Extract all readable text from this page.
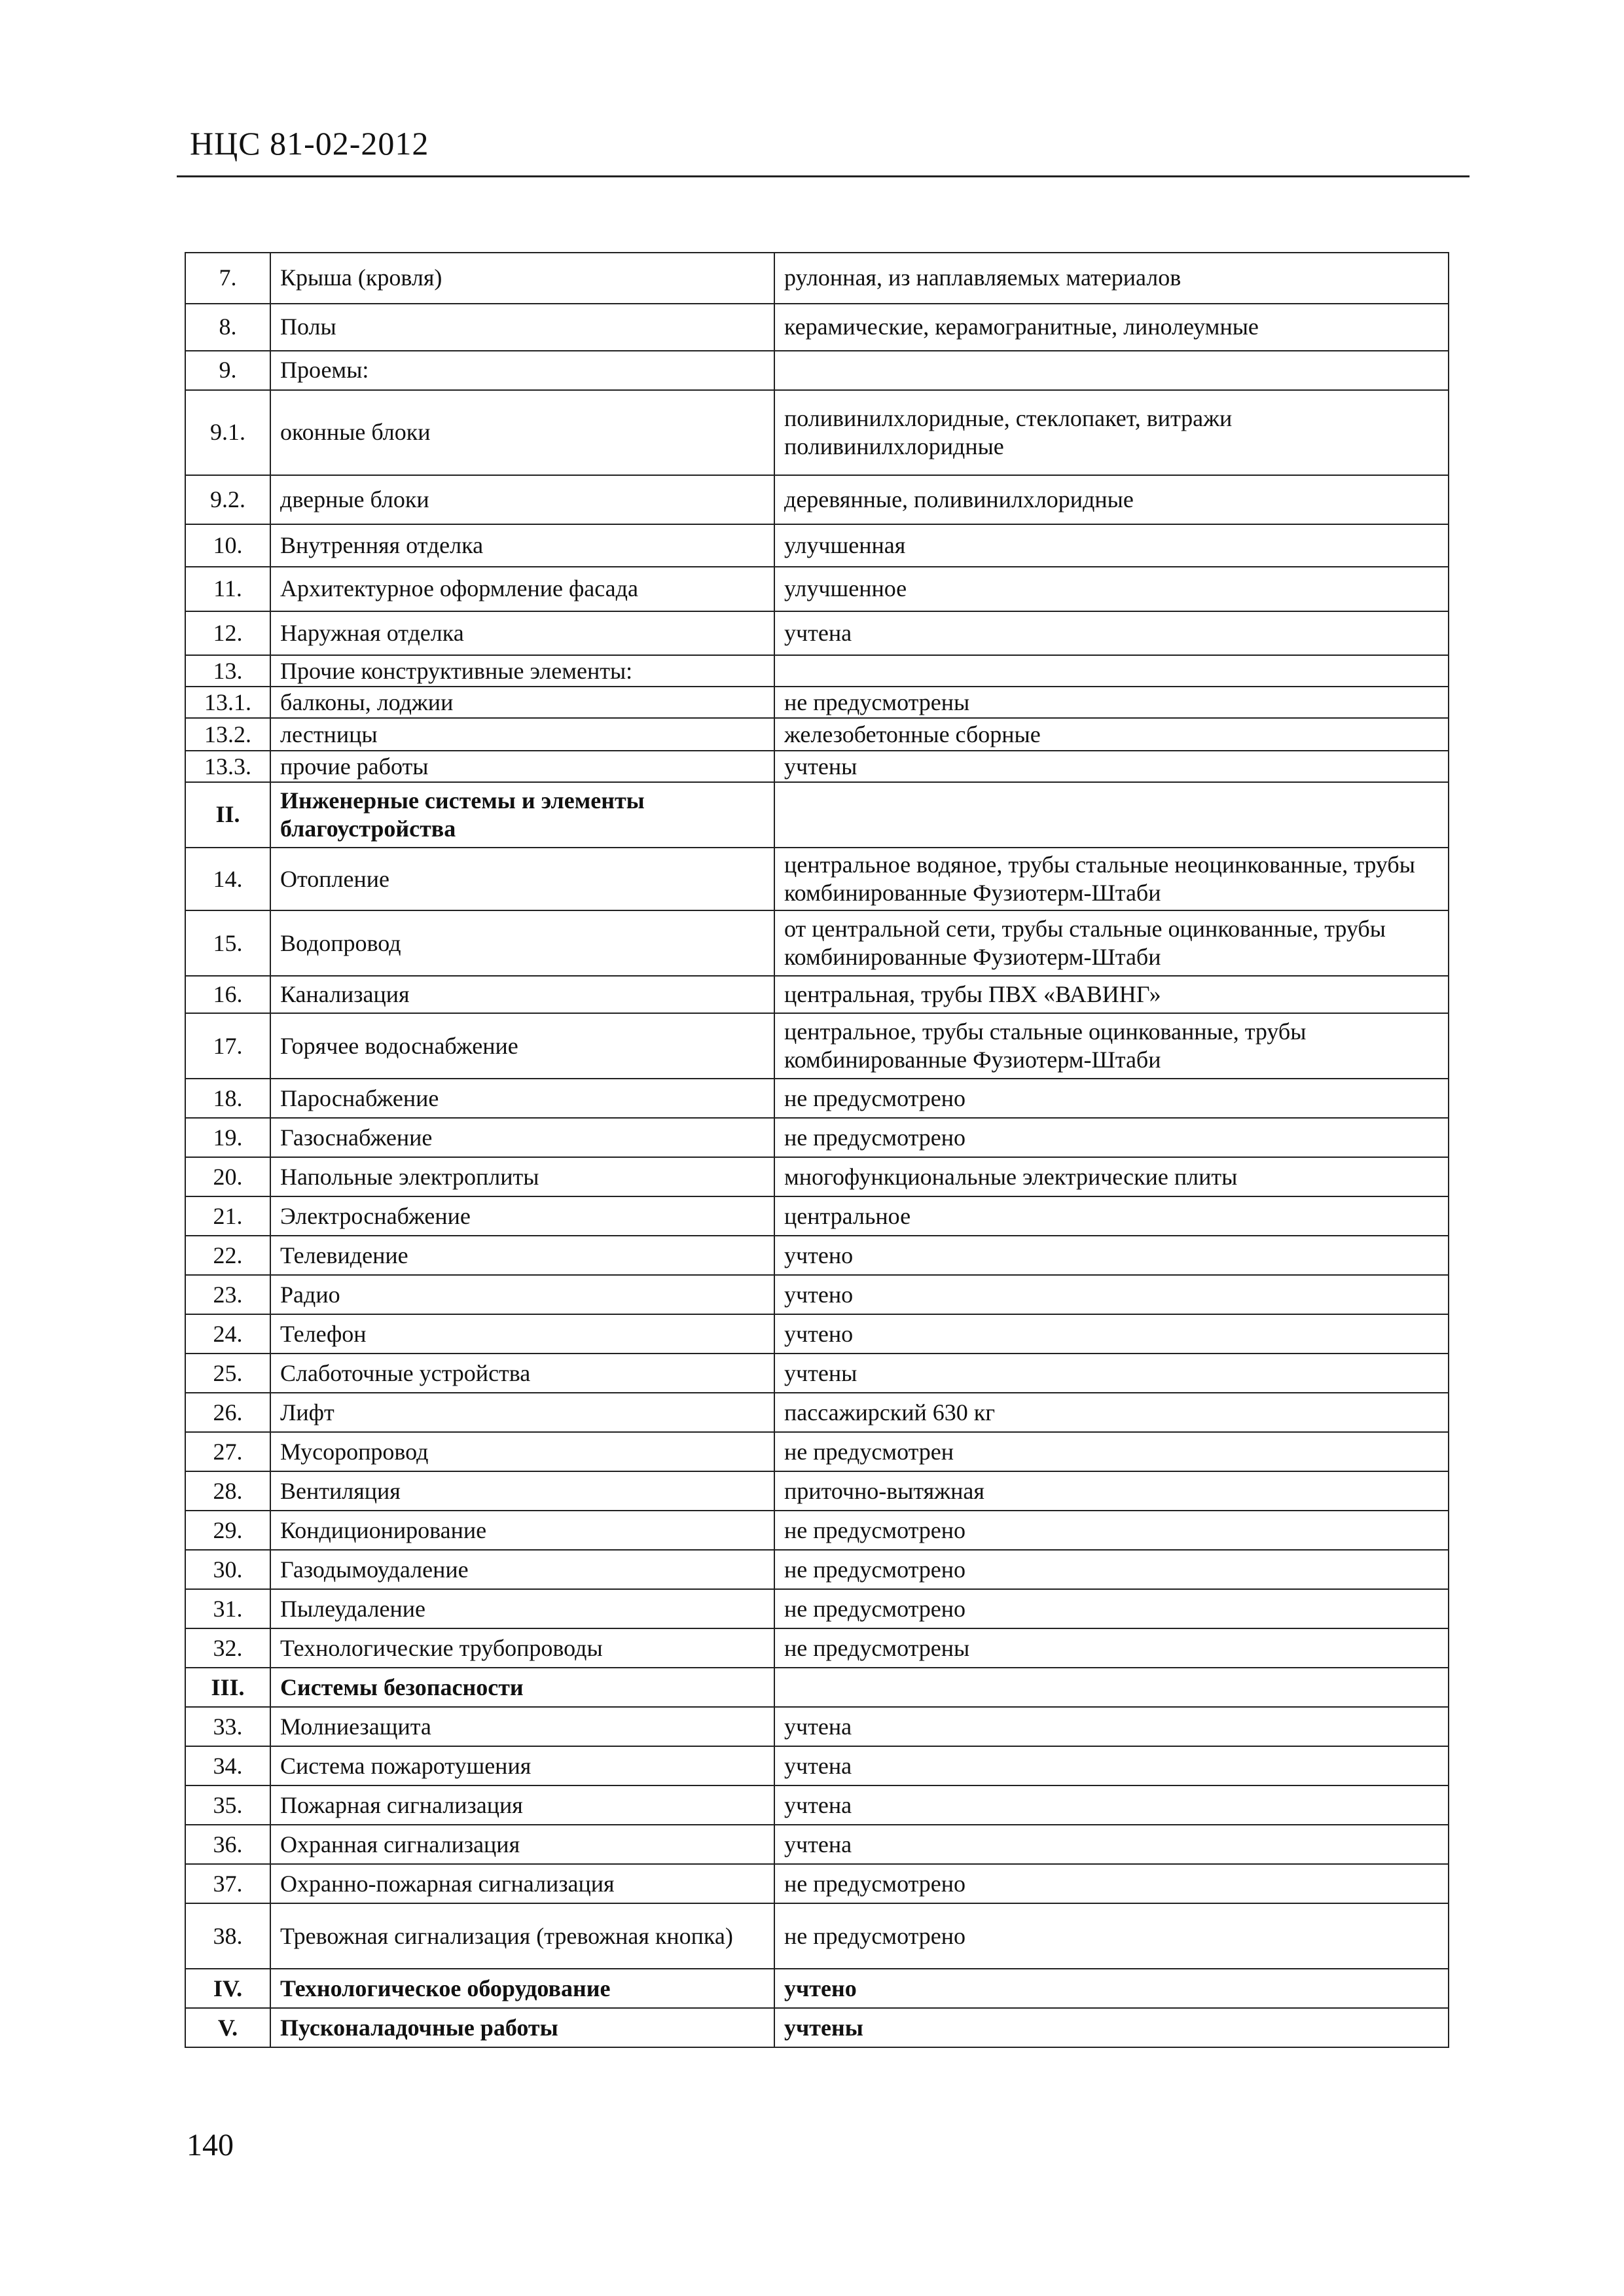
НЦС 81-02-2012
7.	Крыша (кровля)	рулонная, из наплавляемых материалов
8.	Полы	керамические, керамогранитные, линолеумные
9.	Проемы:	
9.1.	оконные блоки	поливинилхлоридные, стеклопакет, витражи поливинилхлоридные
9.2.	дверные блоки	деревянные, поливинилхлоридные
10.	Внутренняя отделка	улучшенная
11.	Архитектурное оформление фасада	улучшенное
12.	Наружная отделка	учтена
13.	Прочие конструктивные элементы:	
13.1.	балконы, лоджии	не предусмотрены
13.2.	лестницы	железобетонные сборные
13.3.	прочие работы	учтены
II.	Инженерные системы и элементы благоустройства	
14.	Отопление	центральное водяное, трубы стальные неоцинкованные, трубы комбинированные Фузиотерм-Штаби
15.	Водопровод	от центральной сети, трубы стальные оцинкованные, трубы комбинированные Фузиотерм-Штаби
16.	Канализация	центральная, трубы ПВХ «ВАВИНГ»
17.	Горячее водоснабжение	центральное, трубы стальные оцинкованные, трубы комбинированные Фузиотерм-Штаби
18.	Пароснабжение	не предусмотрено
19.	Газоснабжение	не предусмотрено
20.	Напольные электроплиты	многофункциональные электрические плиты
21.	Электроснабжение	центральное
22.	Телевидение	учтено
23.	Радио	учтено
24.	Телефон	учтено
25.	Слаботочные устройства	учтены
26.	Лифт	пассажирский 630 кг
27.	Мусоропровод	не предусмотрен
28.	Вентиляция	приточно-вытяжная
29.	Кондиционирование	не предусмотрено
30.	Газодымоудаление	не предусмотрено
31.	Пылеудаление	не предусмотрено
32.	Технологические трубопроводы	не предусмотрены
III.	Системы безопасности	
33.	Молниезащита	учтена
34.	Система пожаротушения	учтена
35.	Пожарная сигнализация	учтена
36.	Охранная сигнализация	учтена
37.	Охранно-пожарная сигнализация	не предусмотрено
38.	Тревожная сигнализация (тревожная кнопка)	не предусмотрено
IV.	Технологическое оборудование	учтено
V.	Пусконаладочные работы	учтены
140
